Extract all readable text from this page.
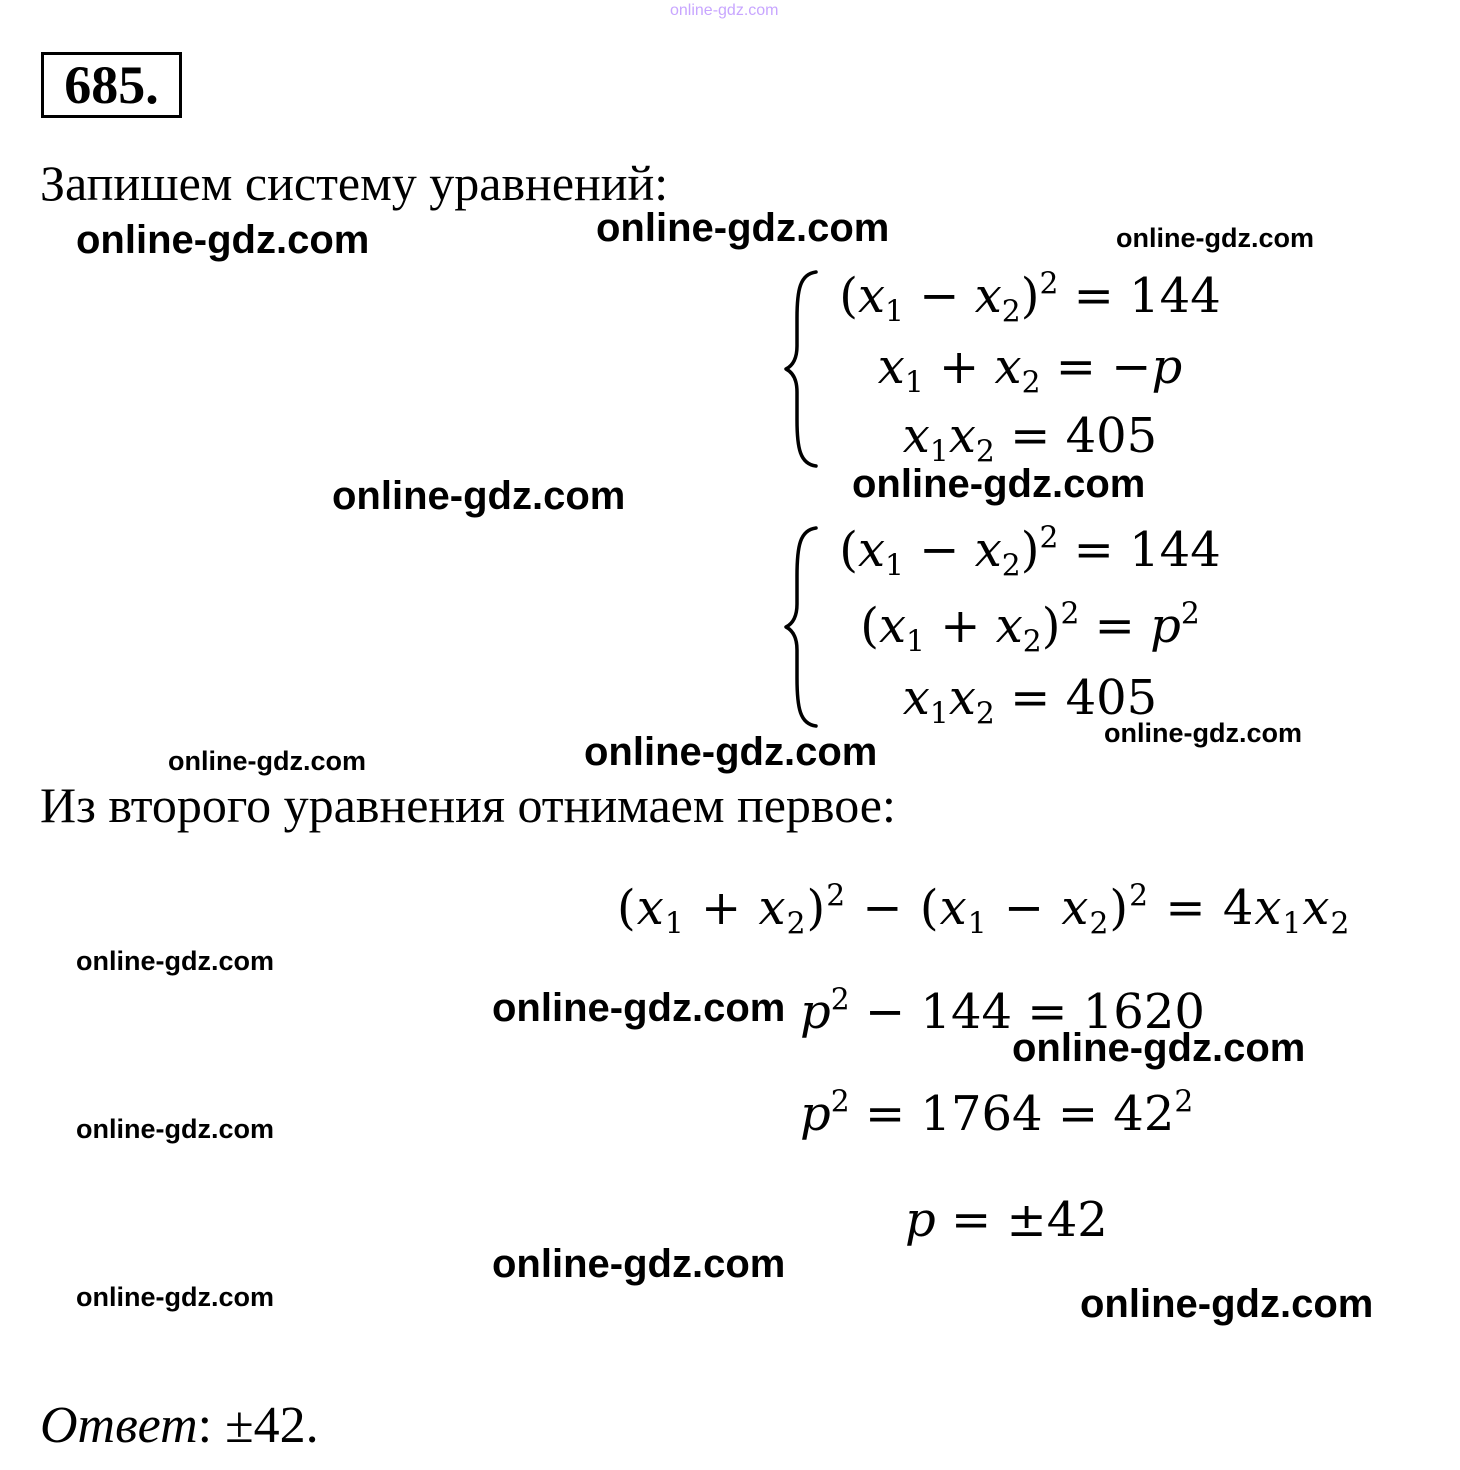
online-gdz.com
685.
Запишем систему уравнений:
$(x_1 - x_2)^2 = 144$
$x_1 + x_2 = -p$
$x_1x_2 = 405$
$(x_1 - x_2)^2 = 144$
$(x_1 + x_2)^2 = p^2$
$x_1x_2 = 405$
Из второго уравнения отнимаем первое:
$(x_1 + x_2)^2 - (x_1 - x_2)^2 = 4x_1x_2$
$p^2 - 144 = 1620$
$p^2 = 1764 = 42^2$
p = ±42
Ответ: ±42.
online-gdz.com	online-gdz.com	online-gdz.com
online-gdz.com	online-gdz.com
online-gdz.com	online-gdz.com	online-gdz.com
online-gdz.com
online-gdz.com
online-gdz.com
online-gdz.com
online-gdz.com
online-gdz.com
online-gdz.com
